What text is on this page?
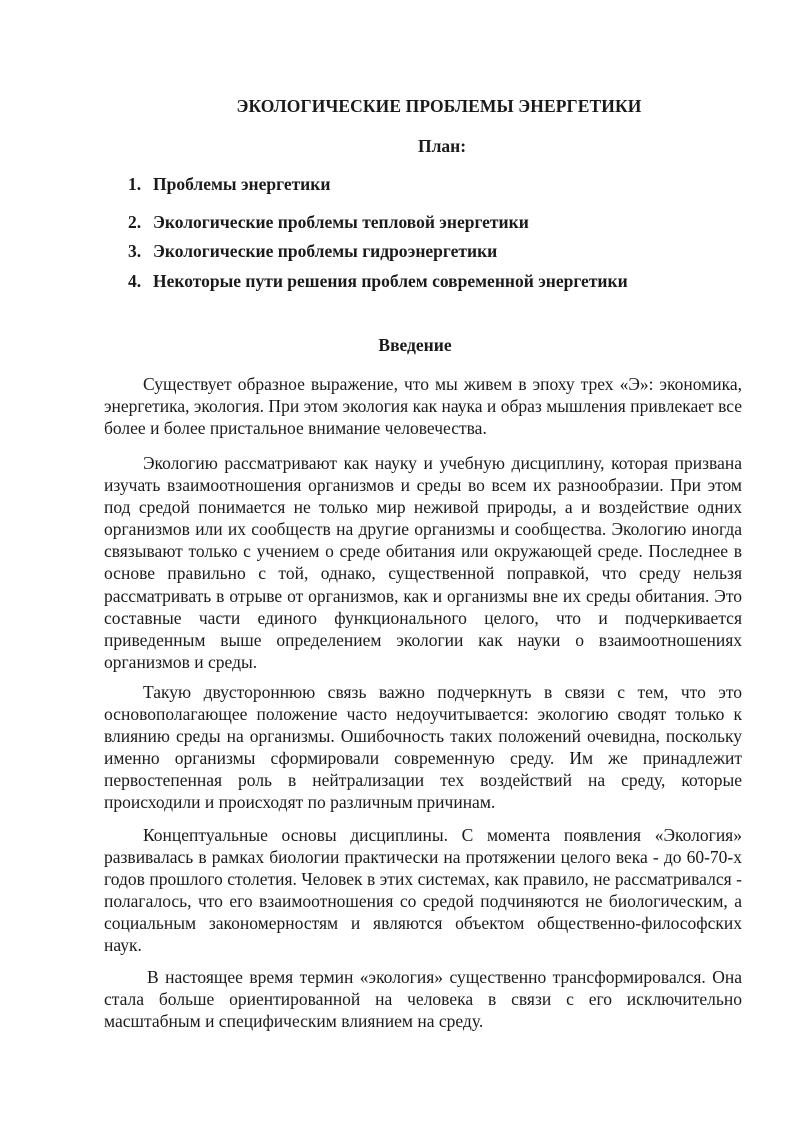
ЭКОЛОГИЧЕСКИЕ ПРОБЛЕМЫ ЭНЕРГЕТИКИ
План:
1. Проблемы энергетики
2. Экологические проблемы тепловой энергетики
3. Экологические проблемы гидроэнергетики
4. Некоторые пути решения проблем современной энергетики
Введение

Существует образное выражение, что мы живем в эпоху трех «Э»: экономика, энергетика, экология. При этом экология как наука и образ мышления привлекает все более и более пристальное внимание человечества.

Экологию рассматривают как науку и учебную дисциплину, которая призвана изучать взаимоотношения организмов и среды во всем их разнообразии. При этом под средой понимается не только мир неживой природы, а и воздействие одних организмов или их сообществ на другие организмы и сообщества. Экологию иногда связывают только с учением о среде обитания или окружающей среде. Последнее в основе правильно с той, однако, существенной поправкой, что среду нельзя рассматривать в отрыве от организмов, как и организмы вне их среды обитания. Это составные части единого функционального целого, что и подчеркивается приведенным выше определением экологии как науки о взаимоотношениях организмов и среды.

Такую двустороннюю связь важно подчеркнуть в связи с тем, что это основополагающее положение часто недоучитывается: экологию сводят только к влиянию среды на организмы. Ошибочность таких положений очевидна, поскольку именно организмы сформировали современную среду. Им же принадлежит первостепенная роль в нейтрализации тех воздействий на среду, которые происходили и происходят по различным причинам.

Концептуальные основы дисциплины. С момента появления «Экология» развивалась в рамках биологии практически на протяжении целого века - до 60-70-х годов прошлого столетия. Человек в этих системах, как правило, не рассматривался - полагалось, что его взаимоотношения со средой подчиняются не биологическим, а социальным закономерностям и являются объектом общественно-философских наук.

В настоящее время термин «экология» существенно трансформировался. Она стала больше ориентированной на человека в связи с его исключительно масштабным и специфическим влиянием на среду.
